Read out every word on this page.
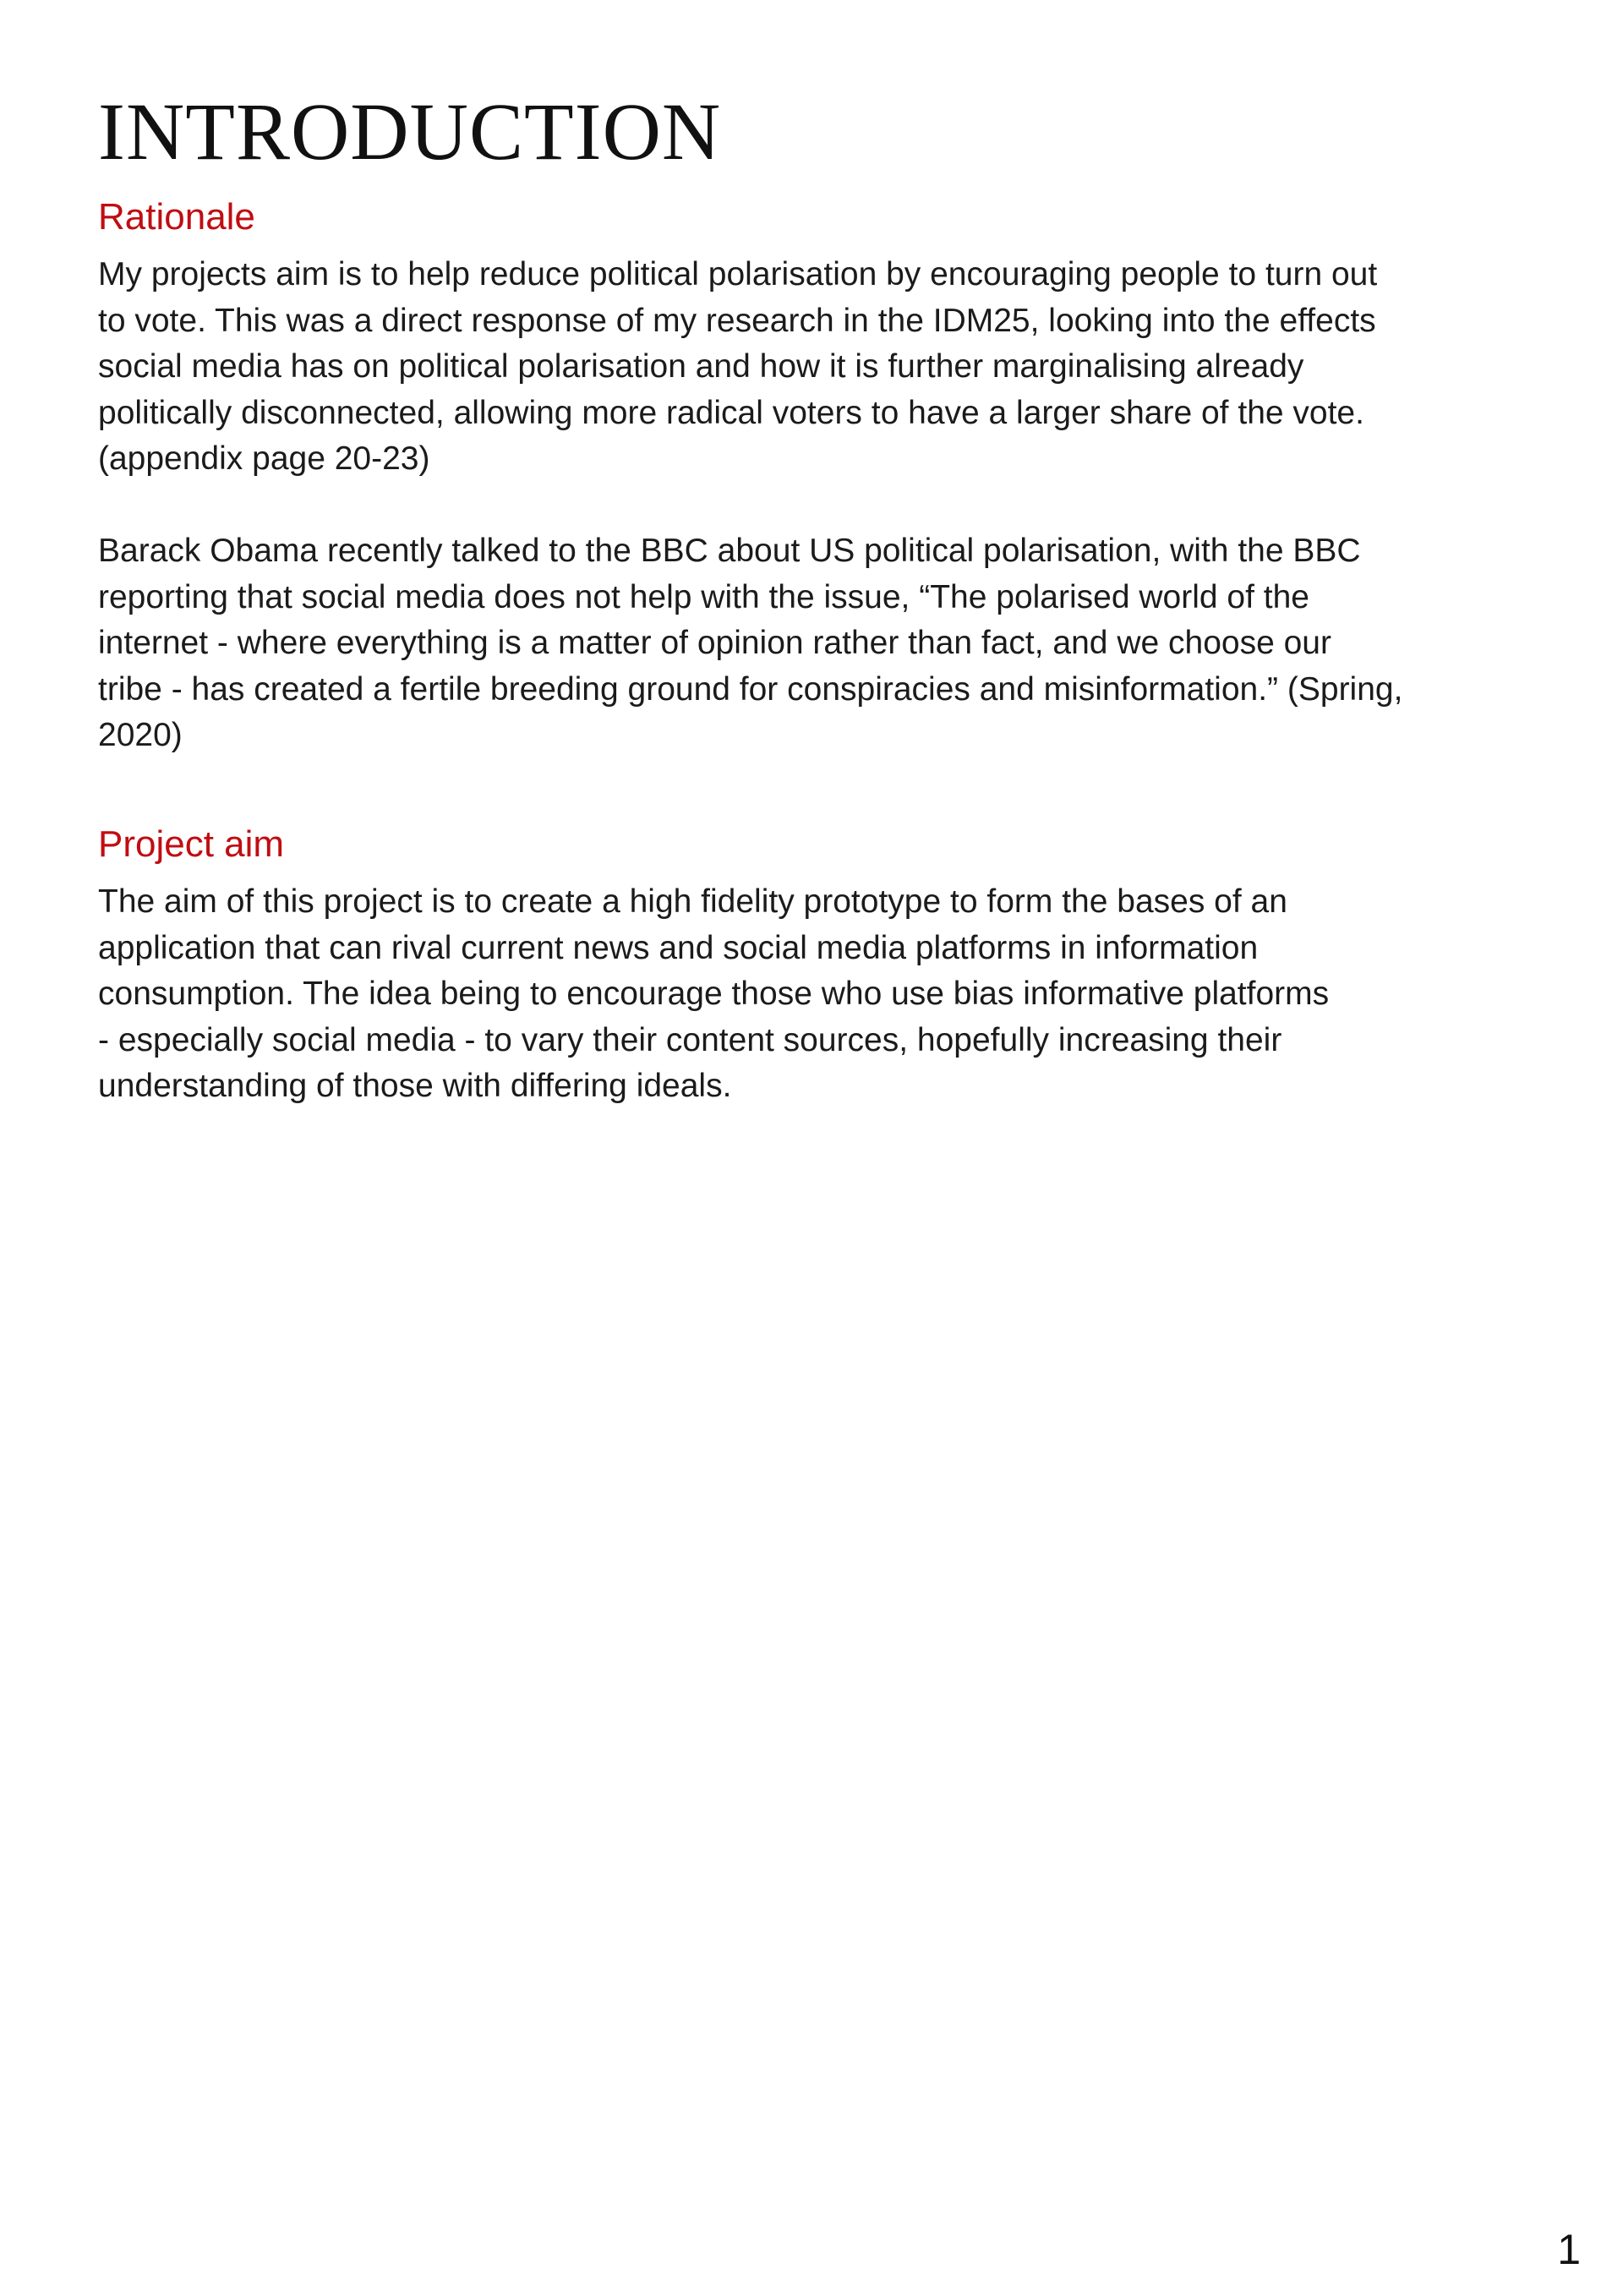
INTRODUCTION
Rationale

My projects aim is to help reduce political polarisation by encouraging people to turn out
to vote. This was a direct response of my research in the IDM25, looking into the effects
social media has on political polarisation and how it is further marginalising already
politically disconnected, allowing more radical voters to have a larger share of the vote.
(appendix page 20-23)

Barack Obama recently talked to the BBC about US political polarisation, with the BBC
reporting that social media does not help with the issue, “The polarised world of the
internet - where everything is a matter of opinion rather than fact, and we choose our
tribe - has created a fertile breeding ground for conspiracies and misinformation.” (Spring,
2020)

Project aim

The aim of this project is to create a high fidelity prototype to form the bases of an
application that can rival current news and social media platforms in information
consumption. The idea being to encourage those who use bias informative platforms
- especially social media - to vary their content sources, hopefully increasing their
understanding of those with differing ideals.

1
